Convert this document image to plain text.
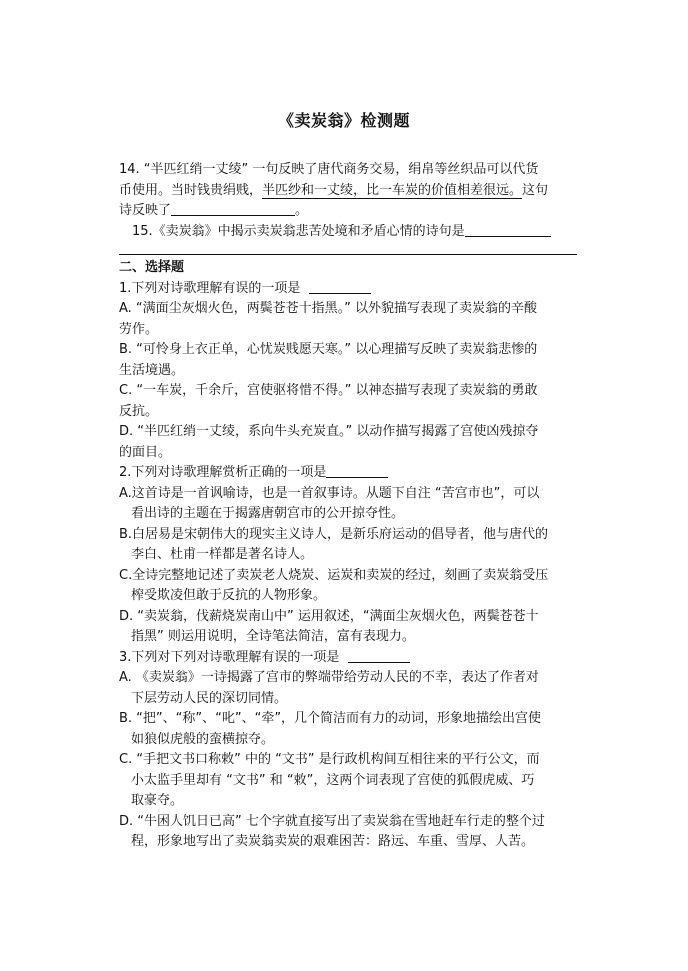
《卖炭翁》检测题
14. “半匹红绡一丈绫” 一句反映了唐代商务交易，绢帛等丝织品可以代货
币使用。当时钱贵绢贱，半匹纱和一丈绫，比一车炭的价值相差很远。这句
诗反映了	。
15.《卖炭翁》中揭示卖炭翁悲苦处境和矛盾心情的诗句是
二、选择题
1.下列对诗歌理解有误的一项是
A. “满面尘灰烟火色，两鬓苍苍十指黑。” 以外貌描写表现了卖炭翁的辛酸
劳作。
B. “可怜身上衣正单，心忧炭贱愿天寒。” 以心理描写反映了卖炭翁悲惨的
生活境遇。
C. “一车炭，千余斤，宫使驱将惜不得。” 以神态描写表现了卖炭翁的勇敢
反抗。
D. “半匹红绡一丈绫，系向牛头充炭直。” 以动作描写揭露了宫使凶残掠夺
的面目。
2.下列对诗歌理解赏析正确的一项是
A.这首诗是一首讽喻诗，也是一首叙事诗。从题下自注 “苦宫市也”，可以
看出诗的主题在于揭露唐朝宫市的公开掠夺性。
B.白居易是宋朝伟大的现实主义诗人，是新乐府运动的倡导者，他与唐代的
李白、杜甫一样都是著名诗人。
C.全诗完整地记述了卖炭老人烧炭、运炭和卖炭的经过，刻画了卖炭翁受压
榨受欺凌但敢于反抗的人物形象。
D. “卖炭翁，伐薪烧炭南山中” 运用叙述，“满面尘灰烟火色，两鬓苍苍十
指黑” 则运用说明，全诗笔法简洁，富有表现力。
3.下列对下列对诗歌理解有误的一项是
A. 《卖炭翁》一诗揭露了宫市的弊端带给劳动人民的不幸，表达了作者对
下层劳动人民的深切同情。
B. “把”、“称”、“叱”、“牵”，几个简洁而有力的动词，形象地描绘出宫使
如狼似虎般的蛮横掠夺。
C. “手把文书口称敕” 中的 “文书” 是行政机构间互相往来的平行公文，而
小太监手里却有 “文书” 和 “敕”，这两个词表现了宫使的狐假虎威、巧
取豪夺。
D. “牛困人饥日已高” 七个字就直接写出了卖炭翁在雪地赶车行走的整个过
程，形象地写出了卖炭翁卖炭的艰难困苦：路远、车重、雪厚、人苦。
